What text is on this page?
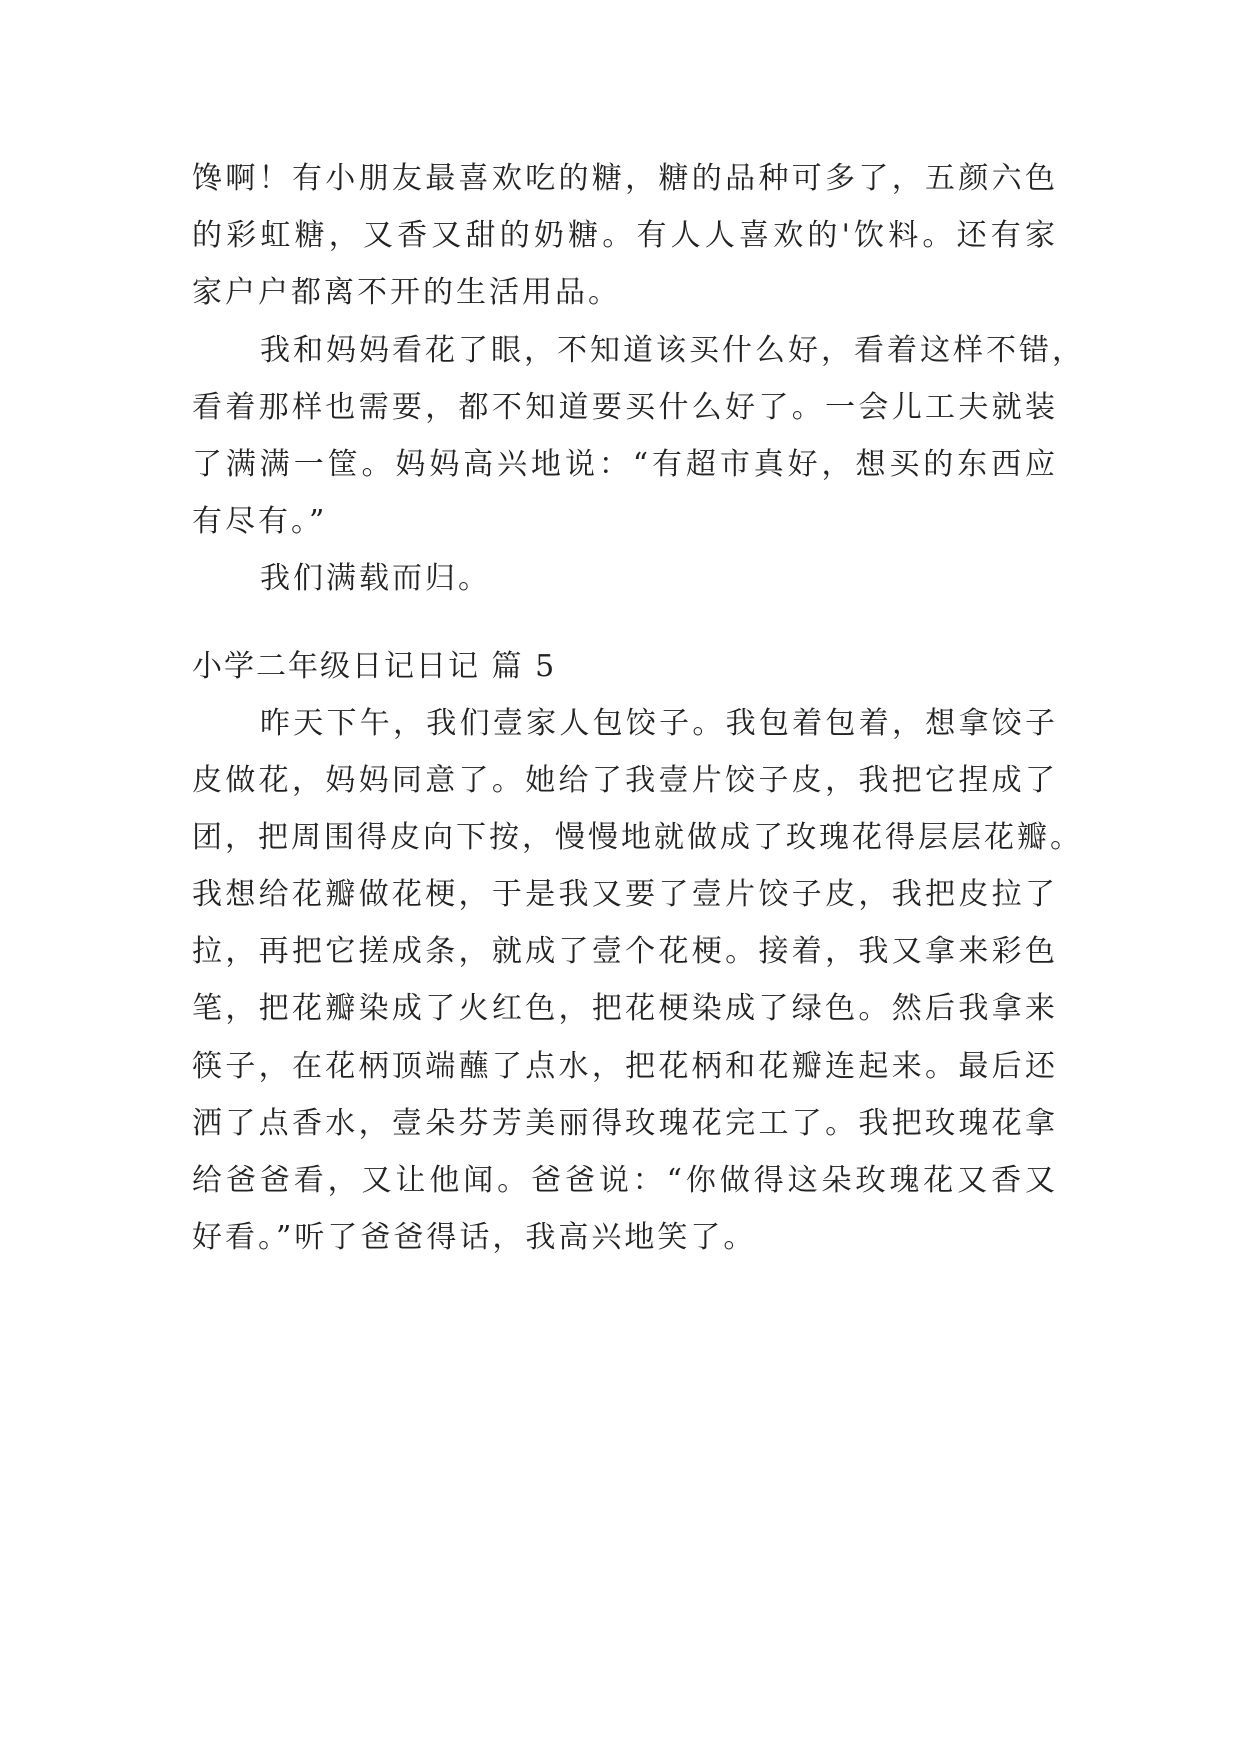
馋啊！有小朋友最喜欢吃的糖，糖的品种可多了，五颜六色
的彩虹糖，又香又甜的奶糖。有人人喜欢的'饮料。还有家
家户户都离不开的生活用品。
我和妈妈看花了眼，不知道该买什么好，看着这样不错，
看着那样也需要，都不知道要买什么好了。一会儿工夫就装
了满满一筐。妈妈高兴地说：“有超市真好，想买的东西应
有尽有。”
我们满载而归。
小学二年级日记日记 篇 5
昨天下午，我们壹家人包饺子。我包着包着，想拿饺子
皮做花，妈妈同意了。她给了我壹片饺子皮，我把它捏成了
团，把周围得皮向下按，慢慢地就做成了玫瑰花得层层花瓣。
我想给花瓣做花梗，于是我又要了壹片饺子皮，我把皮拉了
拉，再把它搓成条，就成了壹个花梗。接着，我又拿来彩色
笔，把花瓣染成了火红色，把花梗染成了绿色。然后我拿来
筷子，在花柄顶端蘸了点水，把花柄和花瓣连起来。最后还
洒了点香水，壹朵芬芳美丽得玫瑰花完工了。我把玫瑰花拿
给爸爸看，又让他闻。爸爸说：“你做得这朵玫瑰花又香又
好看。”听了爸爸得话，我高兴地笑了。
